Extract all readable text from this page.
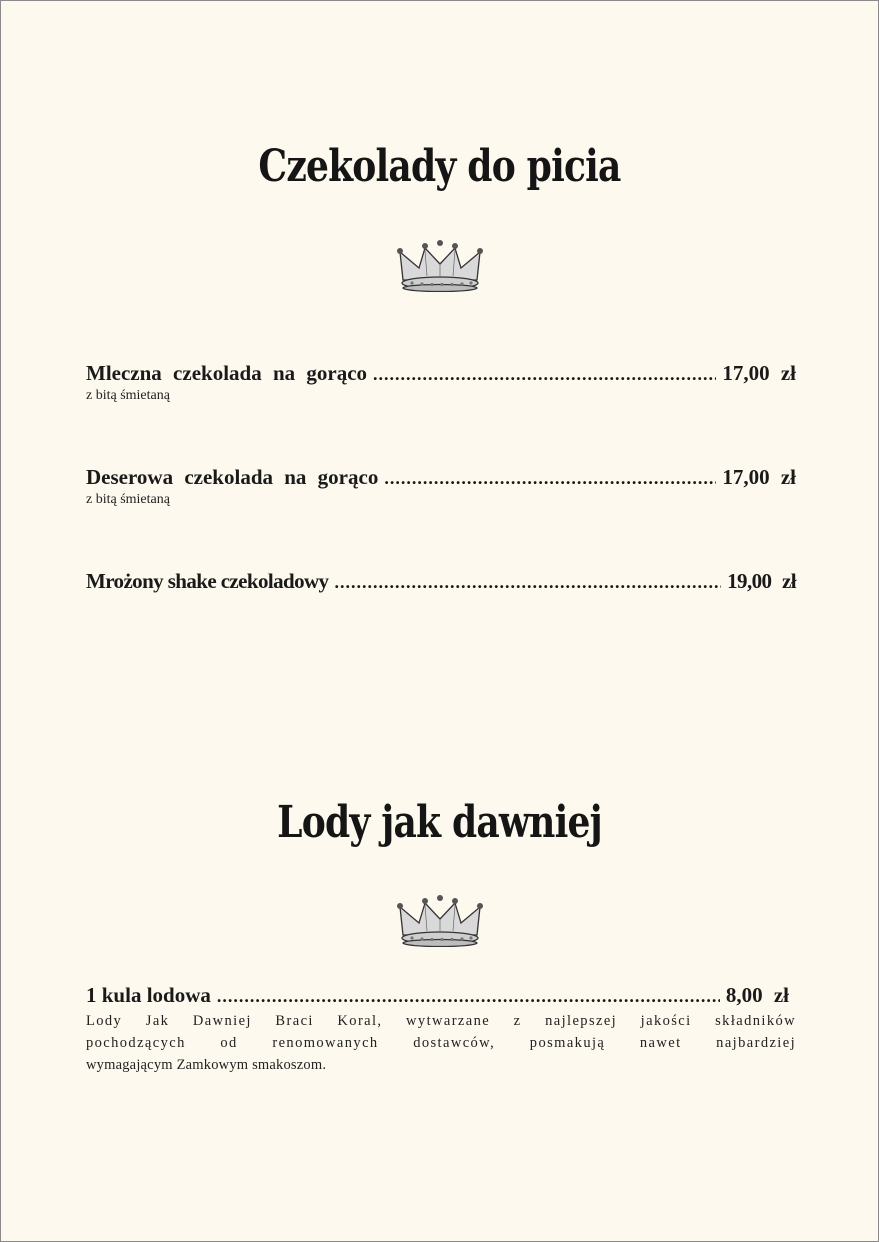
Czekolady do picia
Mleczna czekolada na gorąco .....	17,00 zł
z bitą śmietaną
Deserowa czekolada na gorąco .....	17,00 zł
z bitą śmietaną
Mrożony shake czekoladowy .....	19,00 zł
Lody jak dawniej
1 kula lodowa .....	8,00 zł
Lody Jak Dawniej Braci Koral, wytwarzane z najlepszej jakości składników
pochodzących od renomowanych dostawców, posmakują nawet najbardziej
wymagającym Zamkowym smakoszom.
